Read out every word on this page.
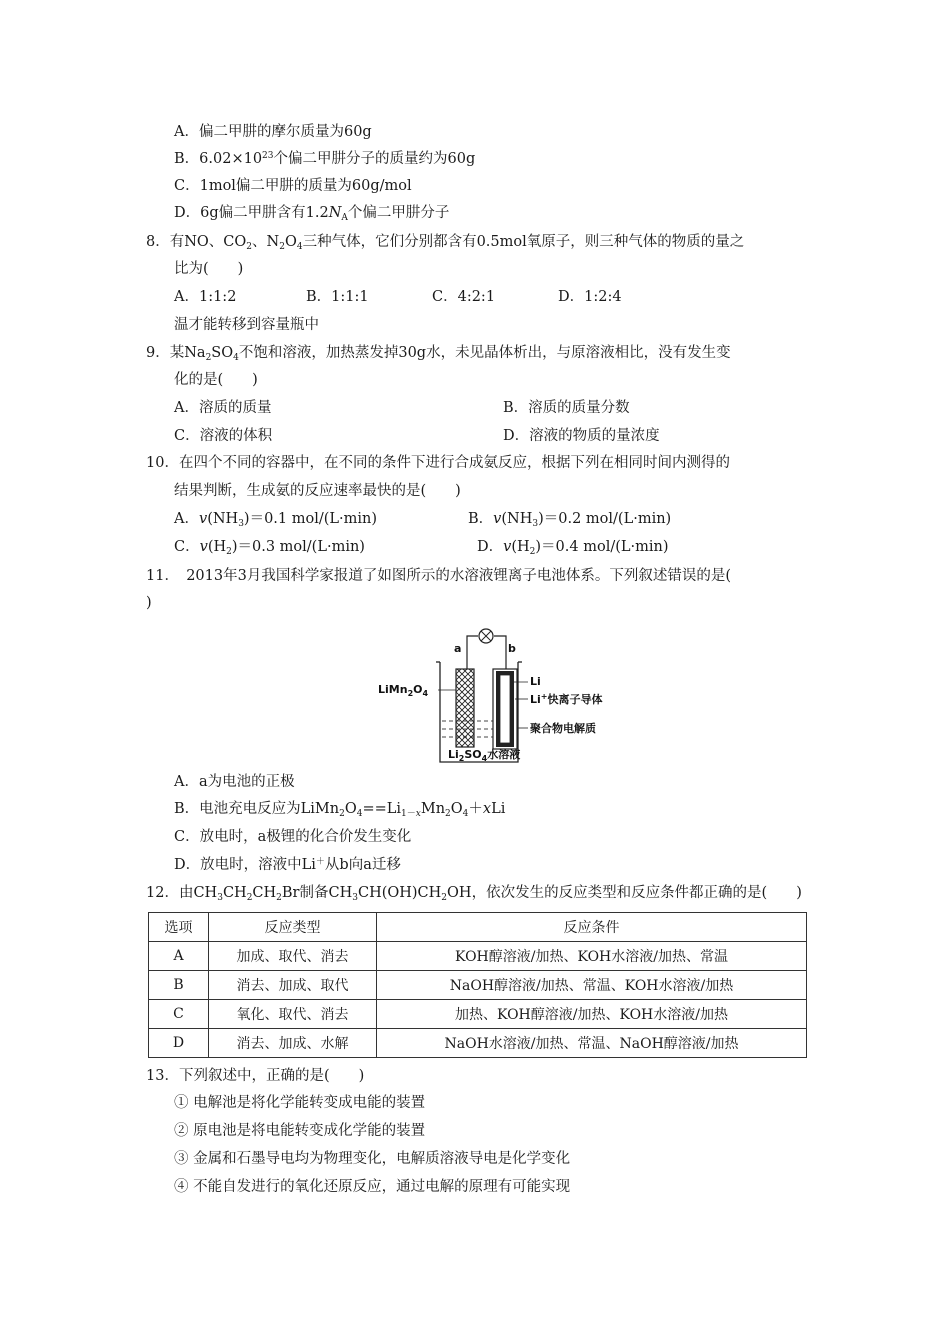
A．偏二甲肼的摩尔质量为60g
B．$6.02\times 10^{23}$个偏二甲肼分子的质量约为60g
C．1mol偏二甲肼的质量为60g/mol
D．6g偏二甲肼含有$1.2N_A$个偏二甲肼分子
8．有NO、$CO_2$、$N_2O_4$三种气体，它们分别都含有0.5mol氧原子，则三种气体的物质的量之
比为(　　)
A．1:1:2	B．1:1:1	C．4:2:1	D．1:2:4
温才能转移到容量瓶中
9．某$Na_2SO_4$不饱和溶液，加热蒸发掉30g水，未见晶体析出，与原溶液相比，没有发生变
化的是(　　)
A．溶质的质量	B．溶质的质量分数
C．溶液的体积	D．溶液的物质的量浓度
10．在四个不同的容器中，在不同的条件下进行合成氨反应，根据下列在相同时间内测得的
结果判断，生成氨的反应速率最快的是(　　)
A．$v(NH_3)=0.1$ mol/(L·min)	B．$v(NH_3)=0.2$ mol/(L·min)
C．$v(H_2)=0.3$ mol/(L·min)	D．$v(H_2)=0.4$ mol/(L·min)
11．　2013年3月我国科学家报道了如图所示的水溶液锂离子电池体系。下列叙述错误的是(
)
a	b
$LiMn_2O_4$
Li
Li+快离子导体
聚合物电解质
$Li_2SO_4$水溶液
A．a为电池的正极
B．电池充电反应为$LiMn_2O_4==Li_{1-x}Mn_2O_4+xLi$
C．放电时，a极锂的化合价发生变化
D．放电时，溶液中Li＋从b向a迁移
12．由$CH_3CH_2CH_2Br$制备$CH_3CH(OH)CH_2OH$，依次发生的反应类型和反应条件都正确的是(　　)
选项	反应类型	反应条件
A	加成、取代、消去	KOH醇溶液/加热、KOH水溶液/加热、常温
B	消去、加成、取代	NaOH醇溶液/加热、常温、KOH水溶液/加热
C	氧化、取代、消去	加热、KOH醇溶液/加热、KOH水溶液/加热
D	消去、加成、水解	NaOH水溶液/加热、常温、NaOH醇溶液/加热
13．下列叙述中，正确的是(　　)
① 电解池是将化学能转变成电能的装置
② 原电池是将电能转变成化学能的装置
③ 金属和石墨导电均为物理变化，电解质溶液导电是化学变化
④ 不能自发进行的氧化还原反应，通过电解的原理有可能实现
